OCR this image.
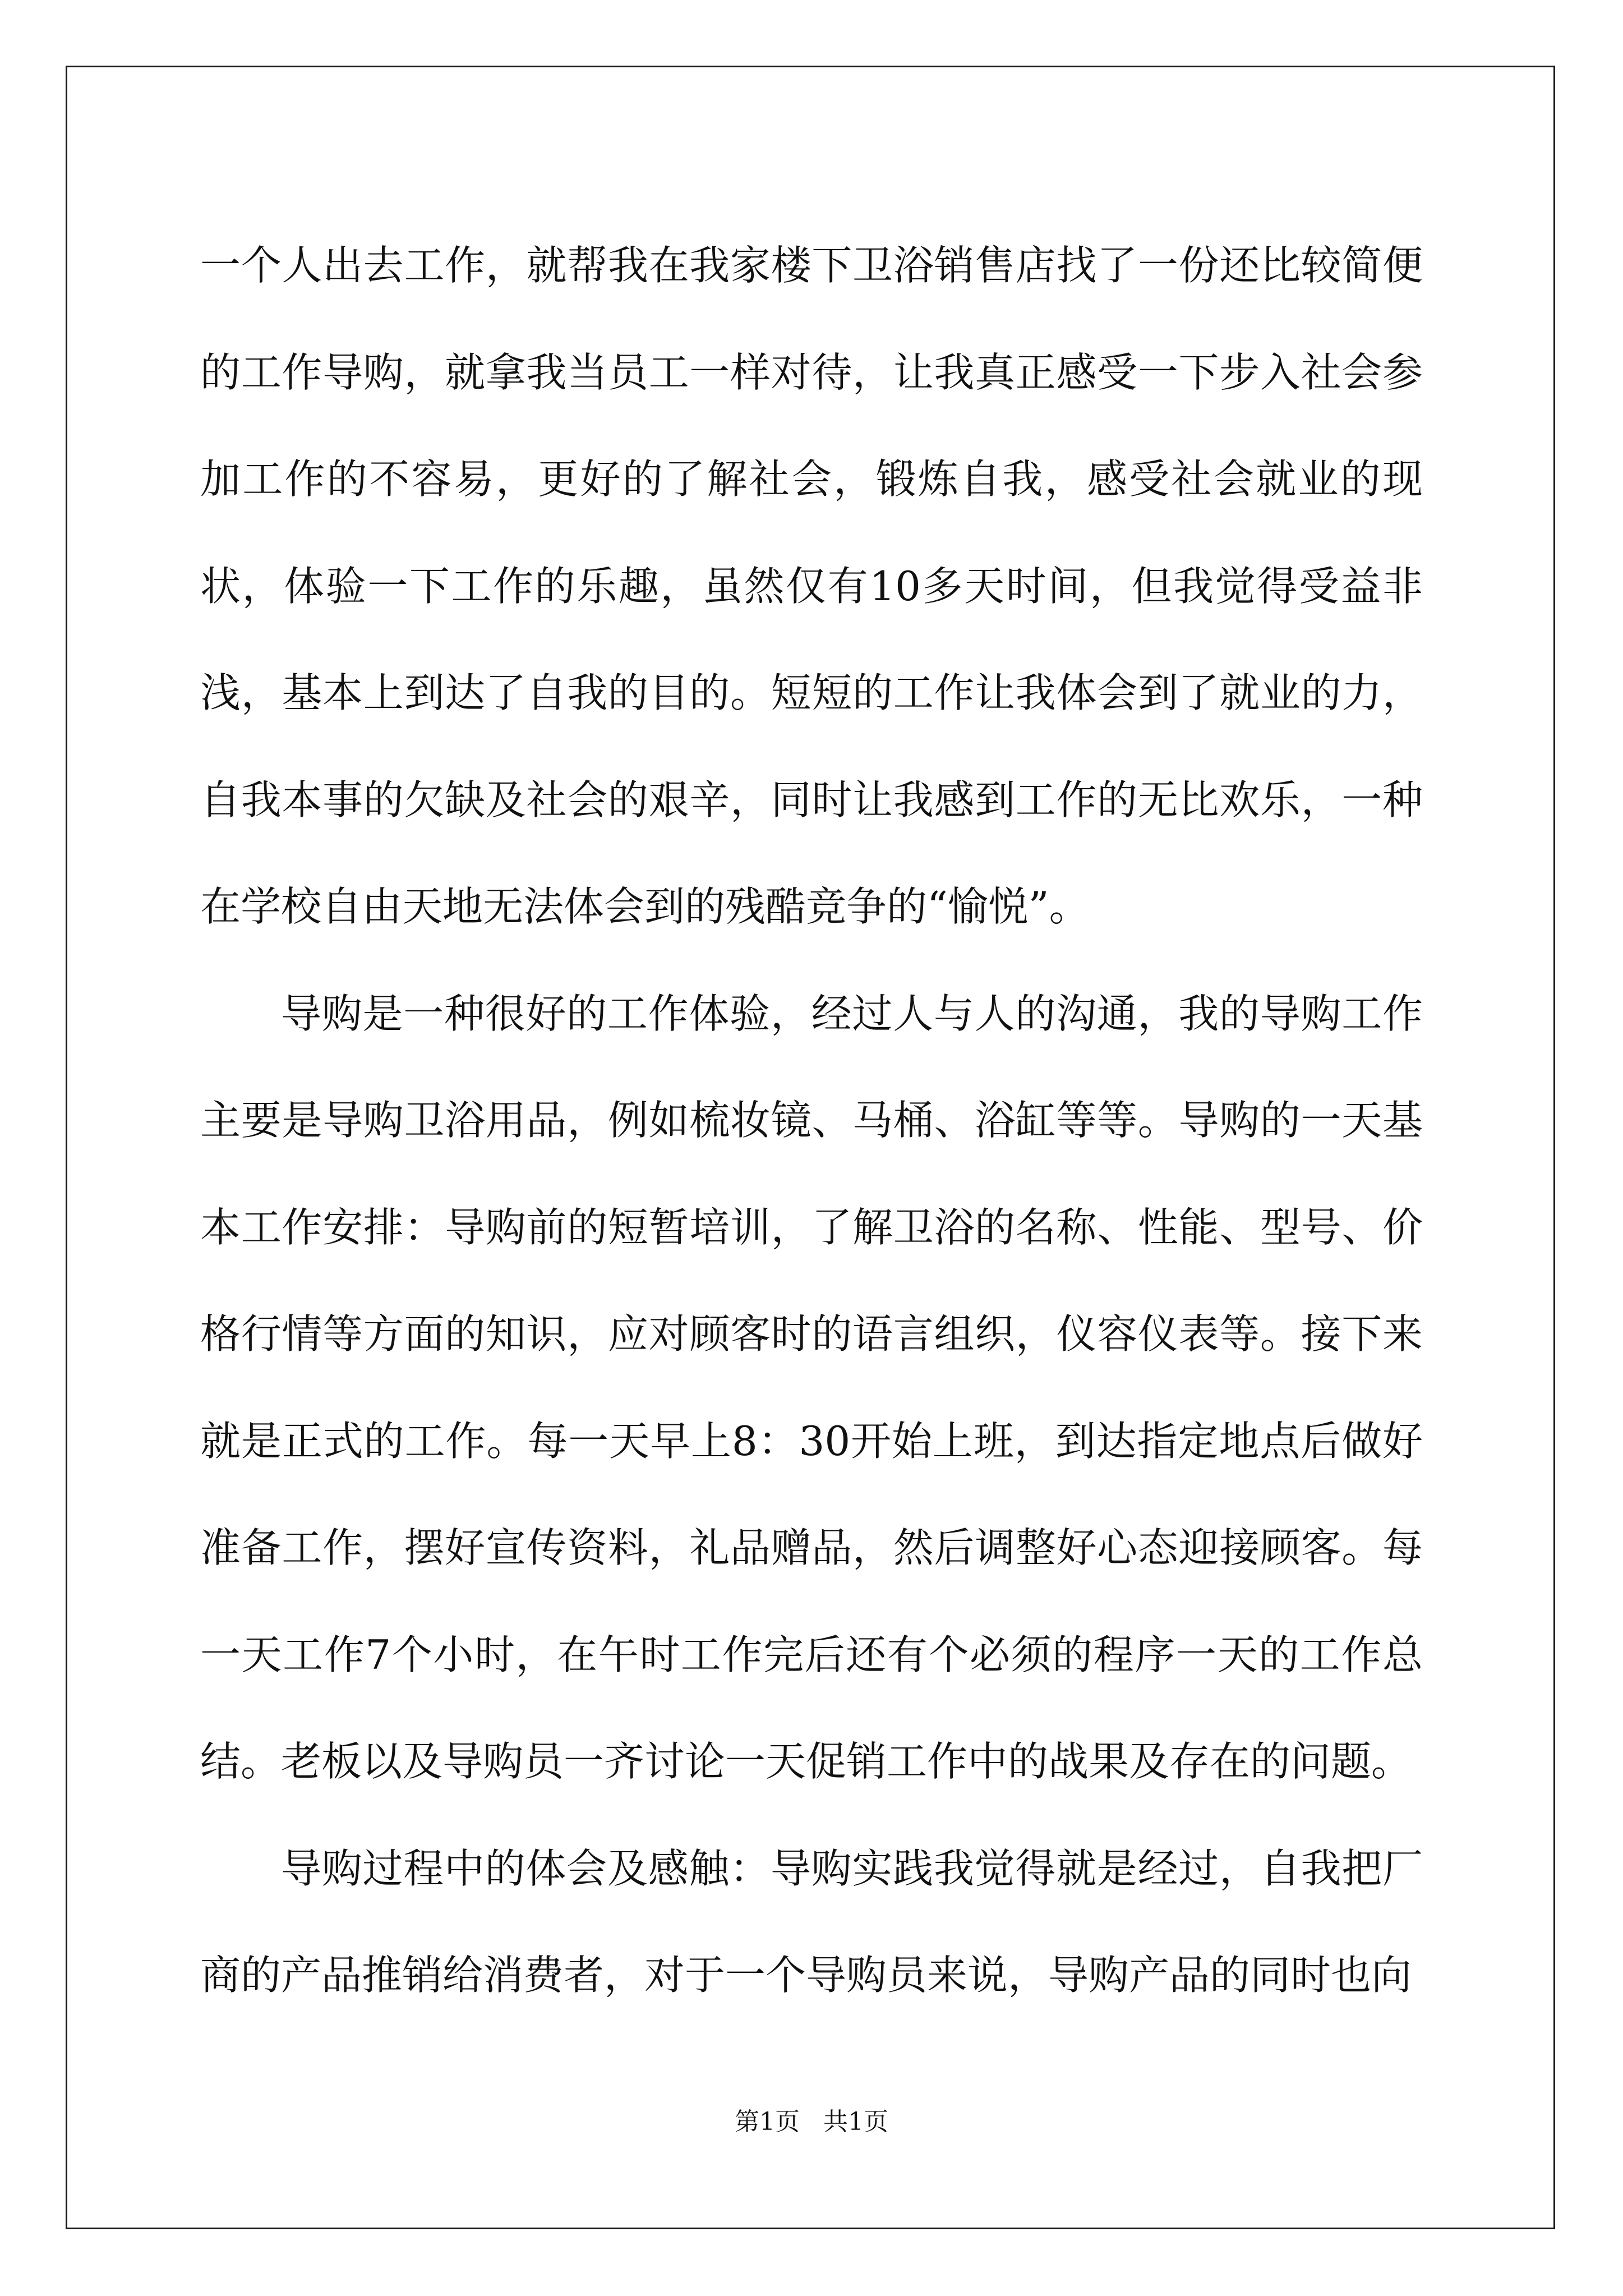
一个人出去工作，就帮我在我家楼下卫浴销售店找了一份还比较简便的工作导购，就拿我当员工一样对待，让我真正感受一下步入社会参加工作的不容易，更好的了解社会，锻炼自我，感受社会就业的现状，体验一下工作的乐趣，虽然仅有10多天时间，但我觉得受益非浅，基本上到达了自我的目的。短短的工作让我体会到了就业的力，自我本事的欠缺及社会的艰辛，同时让我感到工作的无比欢乐，一种在学校自由天地无法体会到的残酷竞争的“愉悦”。

导购是一种很好的工作体验，经过人与人的沟通，我的导购工作主要是导购卫浴用品，例如梳妆镜、马桶、浴缸等等。导购的一天基本工作安排：导购前的短暂培训，了解卫浴的名称、性能、型号、价格行情等方面的知识，应对顾客时的语言组织，仪容仪表等。接下来就是正式的工作。每一天早上8：30开始上班，到达指定地点后做好准备工作，摆好宣传资料，礼品赠品，然后调整好心态迎接顾客。每一天工作7个小时，在午时工作完后还有个必须的程序一天的工作总结。老板以及导购员一齐讨论一天促销工作中的战果及存在的问题。

导购过程中的体会及感触：导购实践我觉得就是经过，自我把厂商的产品推销给消费者，对于一个导购员来说，导购产品的同时也向

第1页   共1页
